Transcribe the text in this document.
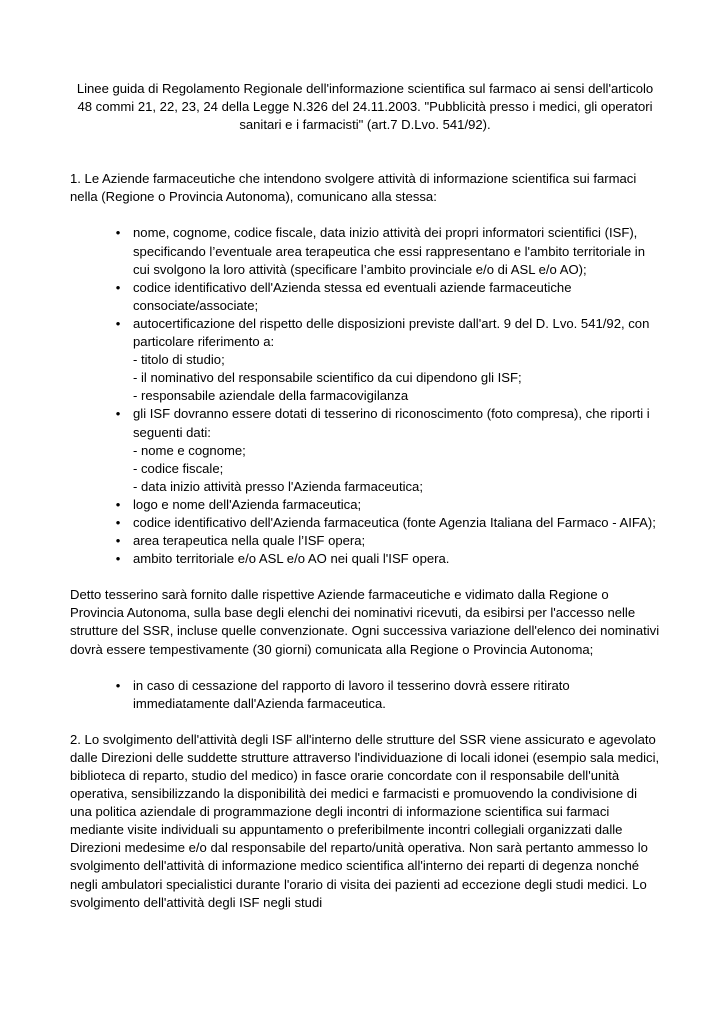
Linee guida di Regolamento Regionale dell'informazione scientifica sul farmaco ai sensi dell'articolo 48 commi 21, 22, 23, 24 della Legge N.326 del 24.11.2003. "Pubblicità presso i medici, gli operatori sanitari e i farmacisti" (art.7 D.Lvo. 541/92).

1. Le Aziende farmaceutiche che intendono svolgere attività di informazione scientifica sui farmaci nella (Regione o Provincia Autonoma), comunicano alla stessa:

• nome, cognome, codice fiscale, data inizio attività dei propri informatori scientifici (ISF), specificando l’eventuale area terapeutica che essi rappresentano e l'ambito territoriale in cui svolgono la loro attività (specificare l’ambito provinciale e/o di ASL e/o AO);
• codice identificativo dell'Azienda stessa ed eventuali aziende farmaceutiche consociate/associate;
• autocertificazione del rispetto delle disposizioni previste dall'art. 9 del D. Lvo. 541/92, con particolare riferimento a:
- titolo di studio;
- il nominativo del responsabile scientifico da cui dipendono gli ISF;
- responsabile aziendale della farmacovigilanza
• gli ISF dovranno essere dotati di tesserino di riconoscimento (foto compresa), che riporti i seguenti dati:
- nome e cognome;
- codice fiscale;
- data inizio attività presso l'Azienda farmaceutica;
• logo e nome dell'Azienda farmaceutica;
• codice identificativo dell'Azienda farmaceutica (fonte Agenzia Italiana del Farmaco - AIFA);
• area terapeutica nella quale l’ISF opera;
• ambito territoriale e/o ASL e/o AO nei quali l'ISF opera.

Detto tesserino sarà fornito dalle rispettive Aziende farmaceutiche e vidimato dalla Regione o Provincia Autonoma, sulla base degli elenchi dei nominativi ricevuti, da esibirsi per l'accesso nelle strutture del SSR, incluse quelle convenzionate. Ogni successiva variazione dell'elenco dei nominativi dovrà essere tempestivamente (30 giorni) comunicata alla Regione o Provincia Autonoma;

• in caso di cessazione del rapporto di lavoro il tesserino dovrà essere ritirato immediatamente dall'Azienda farmaceutica.

2. Lo svolgimento dell'attività degli ISF all'interno delle strutture del SSR viene assicurato e agevolato dalle Direzioni delle suddette strutture attraverso l'individuazione di locali idonei (esempio sala medici, biblioteca di reparto, studio del medico) in fasce orarie concordate con il responsabile dell'unità operativa, sensibilizzando la disponibilità dei medici e farmacisti e promuovendo la condivisione di una politica aziendale di programmazione degli incontri di informazione scientifica sui farmaci mediante visite individuali su appuntamento o preferibilmente incontri collegiali organizzati dalle Direzioni medesime e/o dal responsabile del reparto/unità operativa. Non sarà pertanto ammesso lo svolgimento dell'attività di informazione medico scientifica all'interno dei reparti di degenza nonché negli ambulatori specialistici durante l'orario di visita dei pazienti ad eccezione degli studi medici. Lo svolgimento dell'attività degli ISF negli studi
